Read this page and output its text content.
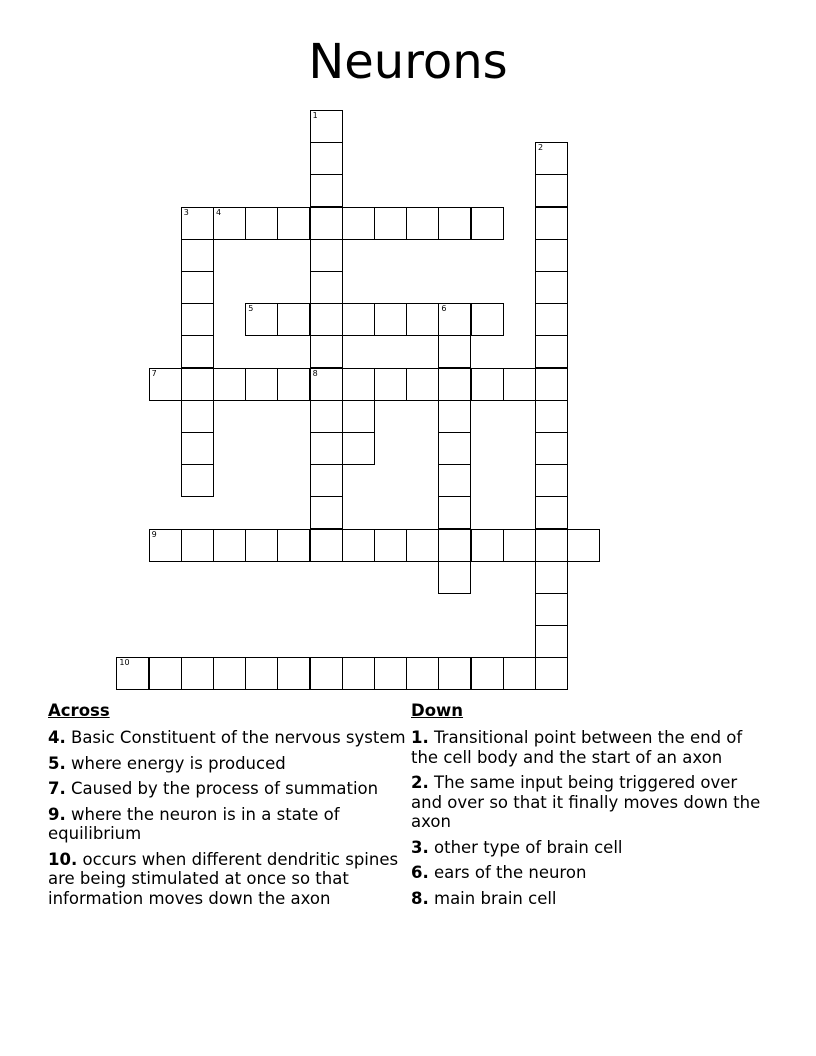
Neurons
1
2
3	4
5	6
7	8
9
10
Across
4. Basic Constituent of the nervous system
5. where energy is produced
7. Caused by the process of summation
9. where the neuron is in a state of equilibrium
10. occurs when different dendritic spines are being stimulated at once so that information moves down the axon
Down
1. Transitional point between the end of the cell body and the start of an axon
2. The same input being triggered over and over so that it finally moves down the axon
3. other type of brain cell
6. ears of the neuron
8. main brain cell
